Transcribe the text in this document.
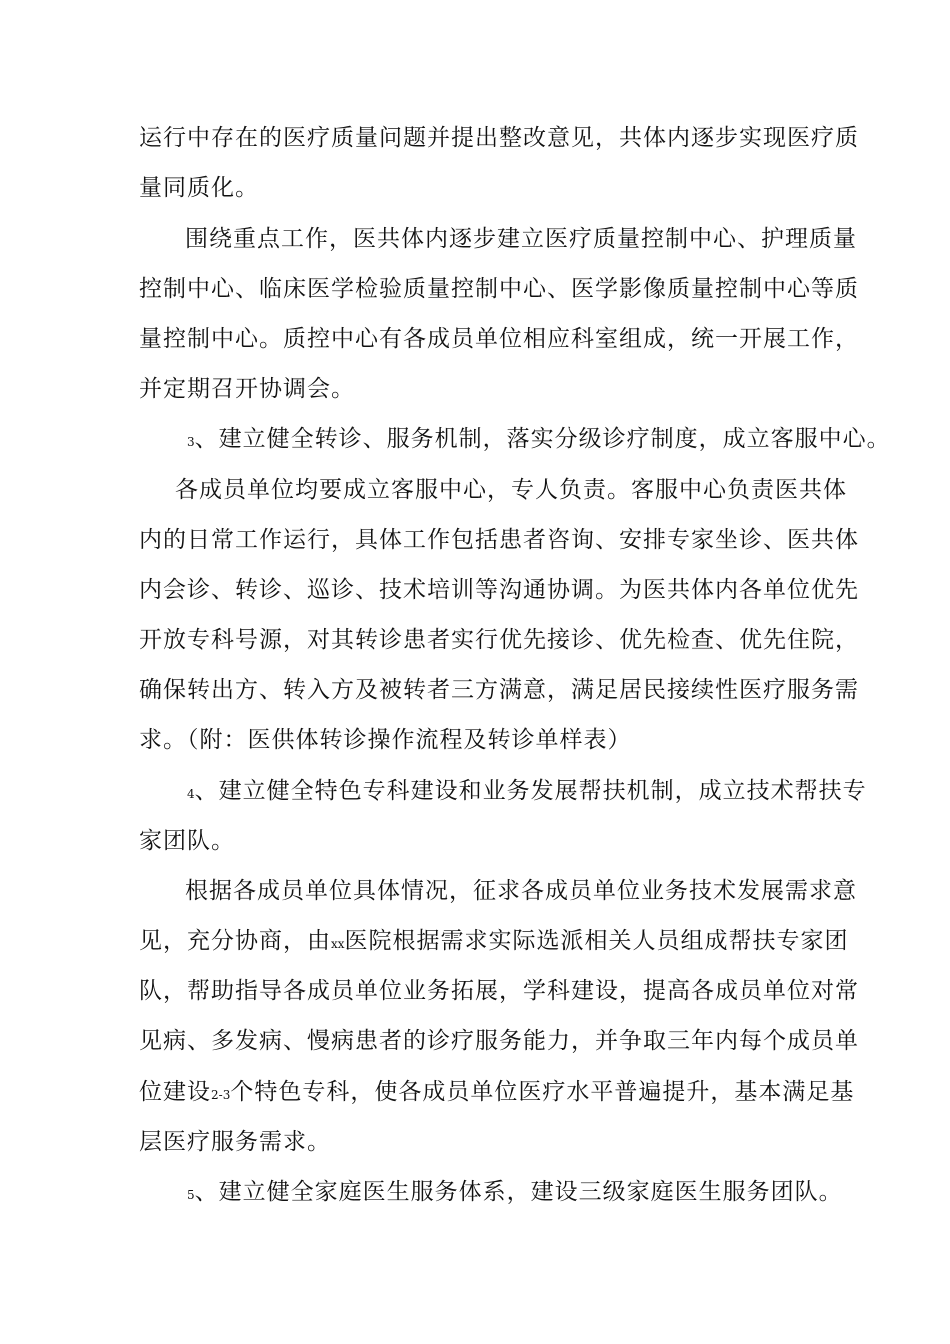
运行中存在的医疗质量问题并提出整改意见，共体内逐步实现医疗质
量同质化。
围绕重点工作，医共体内逐步建立医疗质量控制中心、护理质量
控制中心、临床医学检验质量控制中心、医学影像质量控制中心等质
量控制中心。质控中心有各成员单位相应科室组成，统一开展工作，
并定期召开协调会。
3、建立健全转诊、服务机制，落实分级诊疗制度，成立客服中心。
各成员单位均要成立客服中心，专人负责。客服中心负责医共体
内的日常工作运行，具体工作包括患者咨询、安排专家坐诊、医共体
内会诊、转诊、巡诊、技术培训等沟通协调。为医共体内各单位优先
开放专科号源，对其转诊患者实行优先接诊、优先检查、优先住院，
确保转出方、转入方及被转者三方满意，满足居民接续性医疗服务需
求。（附：医供体转诊操作流程及转诊单样表）
4、建立健全特色专科建设和业务发展帮扶机制，成立技术帮扶专
家团队。
根据各成员单位具体情况，征求各成员单位业务技术发展需求意
见，充分协商，由xx医院根据需求实际选派相关人员组成帮扶专家团
队，帮助指导各成员单位业务拓展，学科建设，提高各成员单位对常
见病、多发病、慢病患者的诊疗服务能力，并争取三年内每个成员单
位建设2-3个特色专科，使各成员单位医疗水平普遍提升，基本满足基
层医疗服务需求。
5、建立健全家庭医生服务体系，建设三级家庭医生服务团队。
